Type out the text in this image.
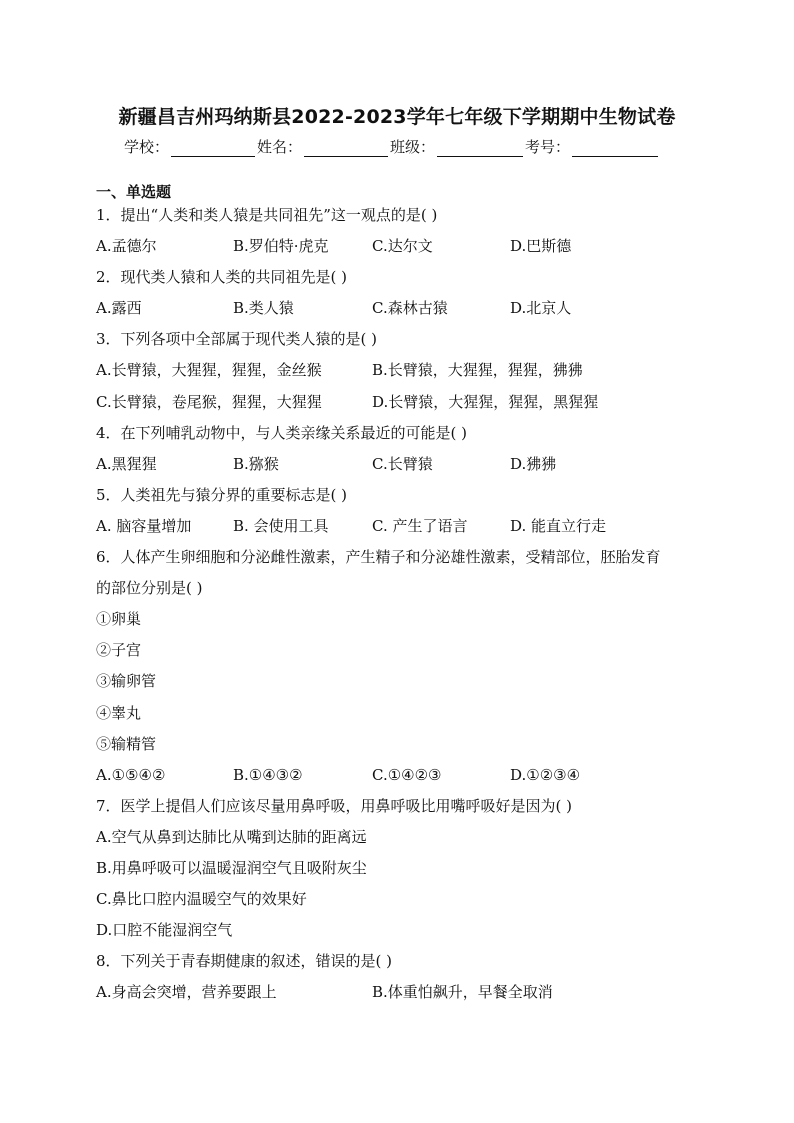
新疆昌吉州玛纳斯县2022-2023学年七年级下学期期中生物试卷
学校：	姓名：	班级：	考号：
一、单选题
1．提出“人类和类人猿是共同祖先”这一观点的是( )
A.孟德尔	B.罗伯特·虎克	C.达尔文	D.巴斯德
2．现代类人猿和人类的共同祖先是( )
A.露西	B.类人猿	C.森林古猿	D.北京人
3．下列各项中全部属于现代类人猿的是( )
A.长臂猿，大猩猩，猩猩，金丝猴	B.长臂猿，大猩猩，猩猩，狒狒
C.长臂猿，卷尾猴，猩猩，大猩猩	D.长臂猿，大猩猩，猩猩，黑猩猩
4．在下列哺乳动物中，与人类亲缘关系最近的可能是( )
A.黑猩猩	B.猕猴	C.长臂猿	D.狒狒
5．人类祖先与猿分界的重要标志是( )
A. 脑容量增加	B. 会使用工具	C. 产生了语言	D. 能直立行走
6．人体产生卵细胞和分泌雌性激素，产生精子和分泌雄性激素，受精部位，胚胎发育
的部位分别是( )
①卵巢
②子宫
③输卵管
④睾丸
⑤输精管
A.①⑤④②	B.①④③②	C.①④②③	D.①②③④
7．医学上提倡人们应该尽量用鼻呼吸，用鼻呼吸比用嘴呼吸好是因为( )
A.空气从鼻到达肺比从嘴到达肺的距离远
B.用鼻呼吸可以温暖湿润空气且吸附灰尘
C.鼻比口腔内温暖空气的效果好
D.口腔不能湿润空气
8．下列关于青春期健康的叙述，错误的是( )
A.身高会突增，营养要跟上	B.体重怕飙升，早餐全取消
